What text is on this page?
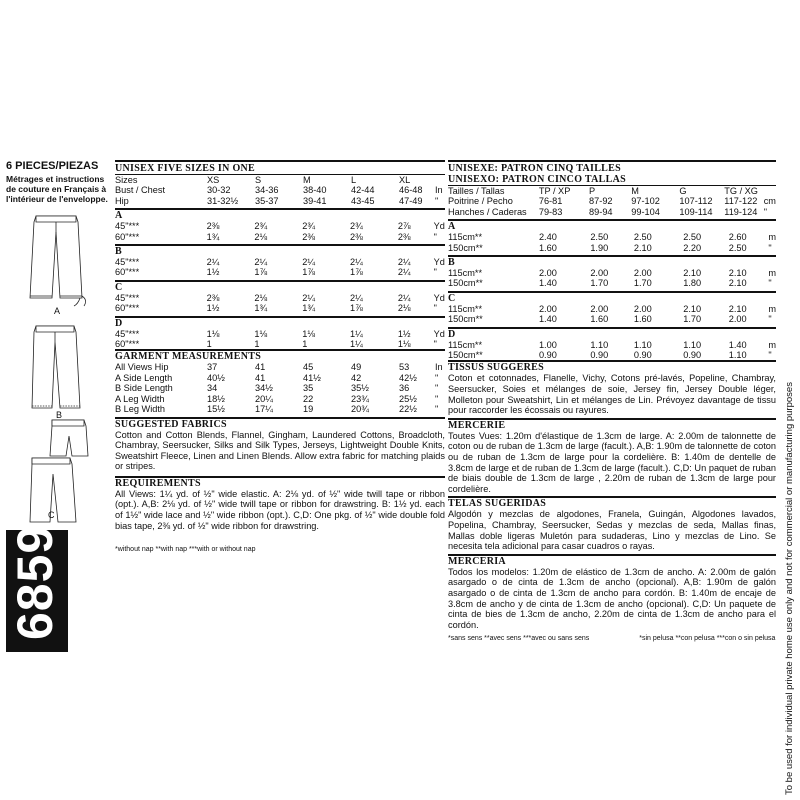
6 PIECES/PIEZAS
Métrages et instructions de couture en Français à l'intérieur de l'enveloppe.
A
B
C
6859
UNISEX FIVE SIZES IN ONE
Sizes	XS	S	M	L	XL	
Bust / Chest	30-32	34-36	38-40	42-44	46-48	In
Hip	31-32½	35-37	39-41	43-45	47-49	"
A
45"***	2⅜	2¾	2¾	2¾	2⅞	Yd
60"***	1¾	2⅛	2⅜	2⅜	2⅜	"
B
45"***	2¼	2¼	2¼	2¼	2¼	Yd
60"***	1½	1⅞	1⅞	1⅞	2¼	"
C
45"***	2⅜	2⅛	2¼	2¼	2¼	Yd
60"***	1½	1¾	1¾	1⅞	2⅛	"
D
45"***	1⅛	1⅛	1⅛	1¼	1½	Yd
60"***	1	1	1	1¼	1⅛	"
GARMENT MEASUREMENTS
All Views Hip	37	41	45	49	53	In
A Side Length	40½	41	41½	42	42½	"
B Side Length	34	34½	35	35½	36	"
A Leg Width	18½	20¼	22	23¾	25½	"
B Leg Width	15½	17¼	19	20¾	22½	"
SUGGESTED FABRICS
Cotton and Cotton Blends, Flannel, Gingham, Laundered Cottons, Broadcloth, Chambray, Seersucker, Silks and Silk Types, Jerseys, Lightweight Double Knits, Sweatshirt Fleece, Linen and Linen Blends. Allow extra fabric for matching plaids or stripes.
REQUIREMENTS
All Views: 1¼ yd. of ½" wide elastic. A: 2⅛ yd. of ½" wide twill tape or ribbon (opt.). A,B: 2⅛ yd. of ½" wide twill tape or ribbon for drawstring. B: 1½ yd. each of 1½" wide lace and ½" wide ribbon (opt.). C,D: One pkg. of ½" wide double fold bias tape, 2⅜ yd. of ½" wide ribbon for drawstring.
*without nap **with nap ***with or without nap
UNISEXE: PATRON CINQ TAILLES
UNISEXO: PATRON CINCO TALLAS
Tailles / Tallas	TP / XP	P	M	G	TG / XG	
Poitrine / Pecho	76-81	87-92	97-102	107-112	117-122	cm
Hanches / Caderas	79-83	89-94	99-104	109-114	119-124	"
A
115cm**	2.40	2.50	2.50	2.50	2.60	m
150cm**	1.60	1.90	2.10	2.20	2.50	"
B
115cm**	2.00	2.00	2.00	2.10	2.10	m
150cm**	1.40	1.70	1.70	1.80	2.10	"
C
115cm**	2.00	2.00	2.00	2.10	2.10	m
150cm**	1.40	1.60	1.60	1.70	2.00	"
D
115cm**	1.00	1.10	1.10	1.10	1.40	m
150cm**	0.90	0.90	0.90	0.90	1.10	"
TISSUS SUGGERES
Coton et cotonnades, Flanelle, Vichy, Cotons pré-lavés, Popeline, Chambray, Seersucker, Soies et mélanges de soie, Jersey fin, Jersey Double léger, Molleton pour Sweatshirt, Lin et mélanges de Lin. Prévoyez davantage de tissu pour raccorder les écossais ou rayures.
MERCERIE
Toutes Vues: 1.20m d'élastique de 1.3cm de large. A: 2.00m de talonnette de coton ou de ruban de 1.3cm de large (facult.). A,B: 1.90m de talonnette de coton ou de ruban de 1.3cm de large pour la cordelière. B: 1.40m de dentelle de 3.8cm de large et de ruban de 1.3cm de large (facult.). C,D: Un paquet de ruban de biais double de 1.3cm de large , 2.20m de ruban de 1.3cm de large pour cordelière.
TELAS SUGERIDAS
Algodón y mezclas de algodones, Franela, Guingán, Algodones lavados, Popelina, Chambray, Seersucker, Sedas y mezclas de seda, Mallas finas, Mallas doble ligeras Muletón para sudaderas, Lino y mezclas de Lino. Se necesita tela adicional para casar cuadros o rayas.
MERCERIA
Todos los modelos: 1.20m de elástico de 1.3cm de ancho. A: 2.00m de galón asargado o de cinta de 1.3cm de ancho (opcional). A,B: 1.90m de galón asargado o de cinta de 1.3cm de ancho para cordón. B: 1.40m de encaje de 3.8cm de ancho y de cinta de 1.3cm de ancho (opcional). C,D: Un paquete de cinta de bies de 1.3cm de ancho, 2.20m de cinta de 1.3cm de ancho para el cordón.
*sans sens **avec sens ***avec ou sans sens	*sin pelusa **con pelusa ***con o sin pelusa To be used for individual private home use only and not for commercial or manufacturing purposes
